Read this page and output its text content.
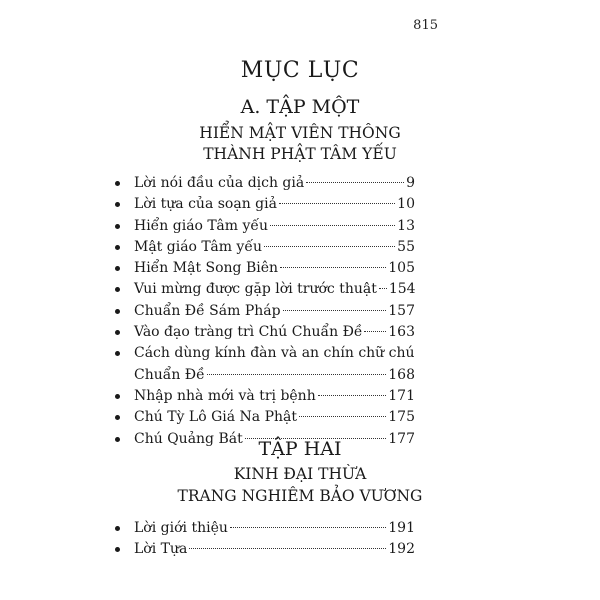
815
MỤC LỤC
A. TẬP MỘT
HIỂN MẬT VIÊN THÔNG
THÀNH PHẬT TÂM YẾU
Lời nói đầu của dịch giả	9
Lời tựa của soạn giả	10
Hiển giáo Tâm yếu	13
Mật giáo Tâm yếu	55
Hiển Mật Song Biên	105
Vui mừng được gặp lời trước thuật 154
Chuẩn Đề Sám Pháp	157
Vào đạo tràng trì Chú Chuẩn Đề 163
Cách dùng kính đàn và an chín chữ chú
Chuẩn Đề	168
Nhập nhà mới và trị bệnh	171
Chú Tỳ Lô Giá Na Phật	175
Chú Quảng Bát	177
TẬP HAI
KINH ĐẠI THỪA
TRANG NGHIÊM BẢO VƯƠNG
Lời giới thiệu	191
Lời Tựa	192
